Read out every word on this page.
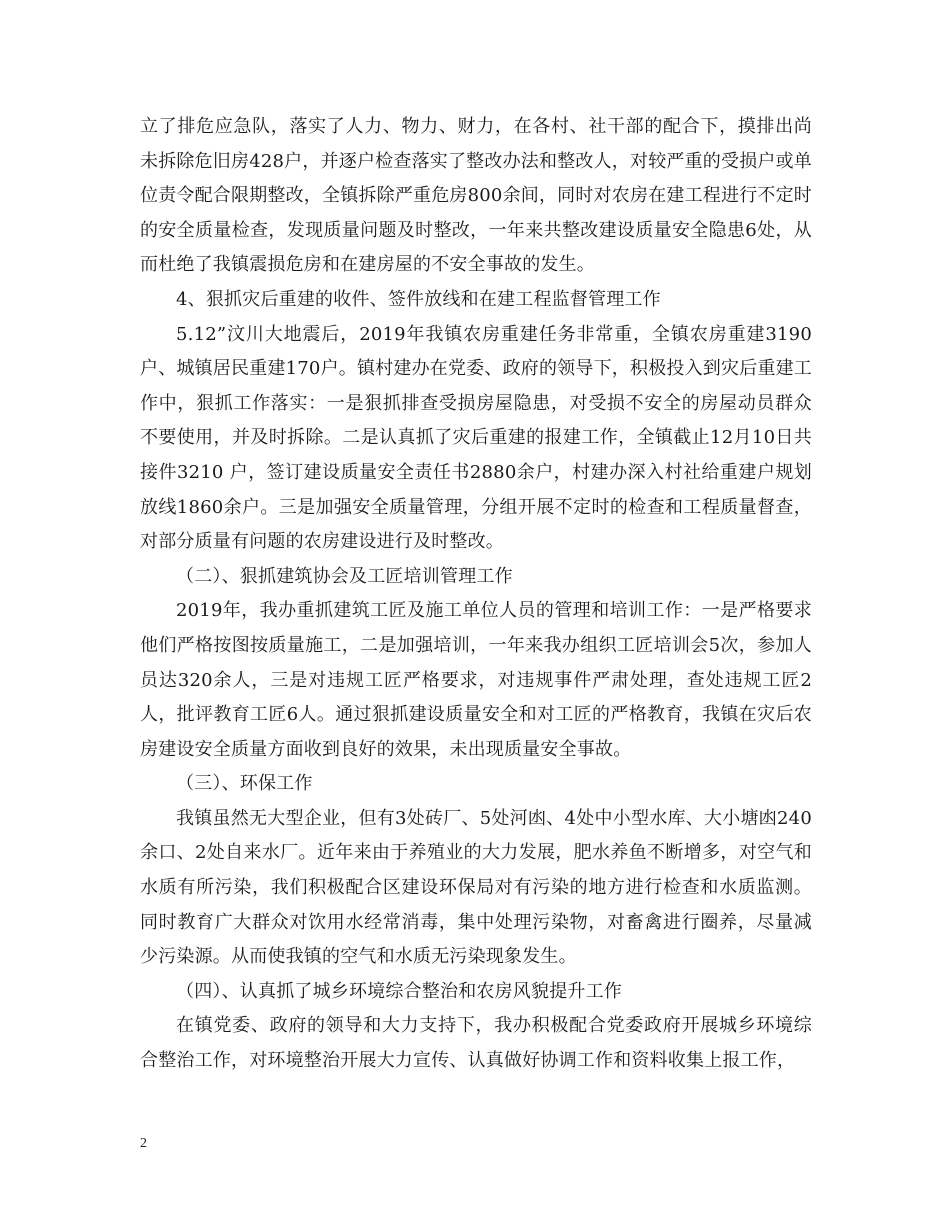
立了排危应急队，落实了人力、物力、财力，在各村、社干部的配合下，摸排出尚未拆除危旧房428户，并逐户检查落实了整改办法和整改人，对较严重的受损户或单位责令配合限期整改，全镇拆除严重危房800余间，同时对农房在建工程进行不定时的安全质量检查，发现质量问题及时整改，一年来共整改建设质量安全隐患6处，从而杜绝了我镇震损危房和在建房屋的不安全事故的发生。

4、狠抓灾后重建的收件、签件放线和在建工程监督管理工作

5.12”汶川大地震后，2019年我镇农房重建任务非常重，全镇农房重建3190户、城镇居民重建170户。镇村建办在党委、政府的领导下，积极投入到灾后重建工作中，狠抓工作落实：一是狠抓排查受损房屋隐患，对受损不安全的房屋动员群众不要使用，并及时拆除。二是认真抓了灾后重建的报建工作，全镇截止12月10日共接件3210 户，签订建设质量安全责任书2880余户，村建办深入村社给重建户规划放线1860余户。三是加强安全质量管理，分组开展不定时的检查和工程质量督查，对部分质量有问题的农房建设进行及时整改。

（二）、狠抓建筑协会及工匠培训管理工作

2019年，我办重抓建筑工匠及施工单位人员的管理和培训工作：一是严格要求他们严格按图按质量施工，二是加强培训，一年来我办组织工匠培训会5次，参加人员达320余人，三是对违规工匠严格要求，对违规事件严肃处理，查处违规工匠2人，批评教育工匠6人。通过狠抓建设质量安全和对工匠的严格教育，我镇在灾后农房建设安全质量方面收到良好的效果，未出现质量安全事故。

（三）、环保工作

我镇虽然无大型企业，但有3处砖厂、5处河凼、4处中小型水库、大小塘凼240余口、2处自来水厂。近年来由于养殖业的大力发展，肥水养鱼不断增多，对空气和水质有所污染，我们积极配合区建设环保局对有污染的地方进行检查和水质监测。同时教育广大群众对饮用水经常消毒，集中处理污染物，对畜禽进行圈养，尽量减少污染源。从而使我镇的空气和水质无污染现象发生。

（四）、认真抓了城乡环境综合整治和农房风貌提升工作

在镇党委、政府的领导和大力支持下，我办积极配合党委政府开展城乡环境综合整治工作，对环境整治开展大力宣传、认真做好协调工作和资料收集上报工作，

2
